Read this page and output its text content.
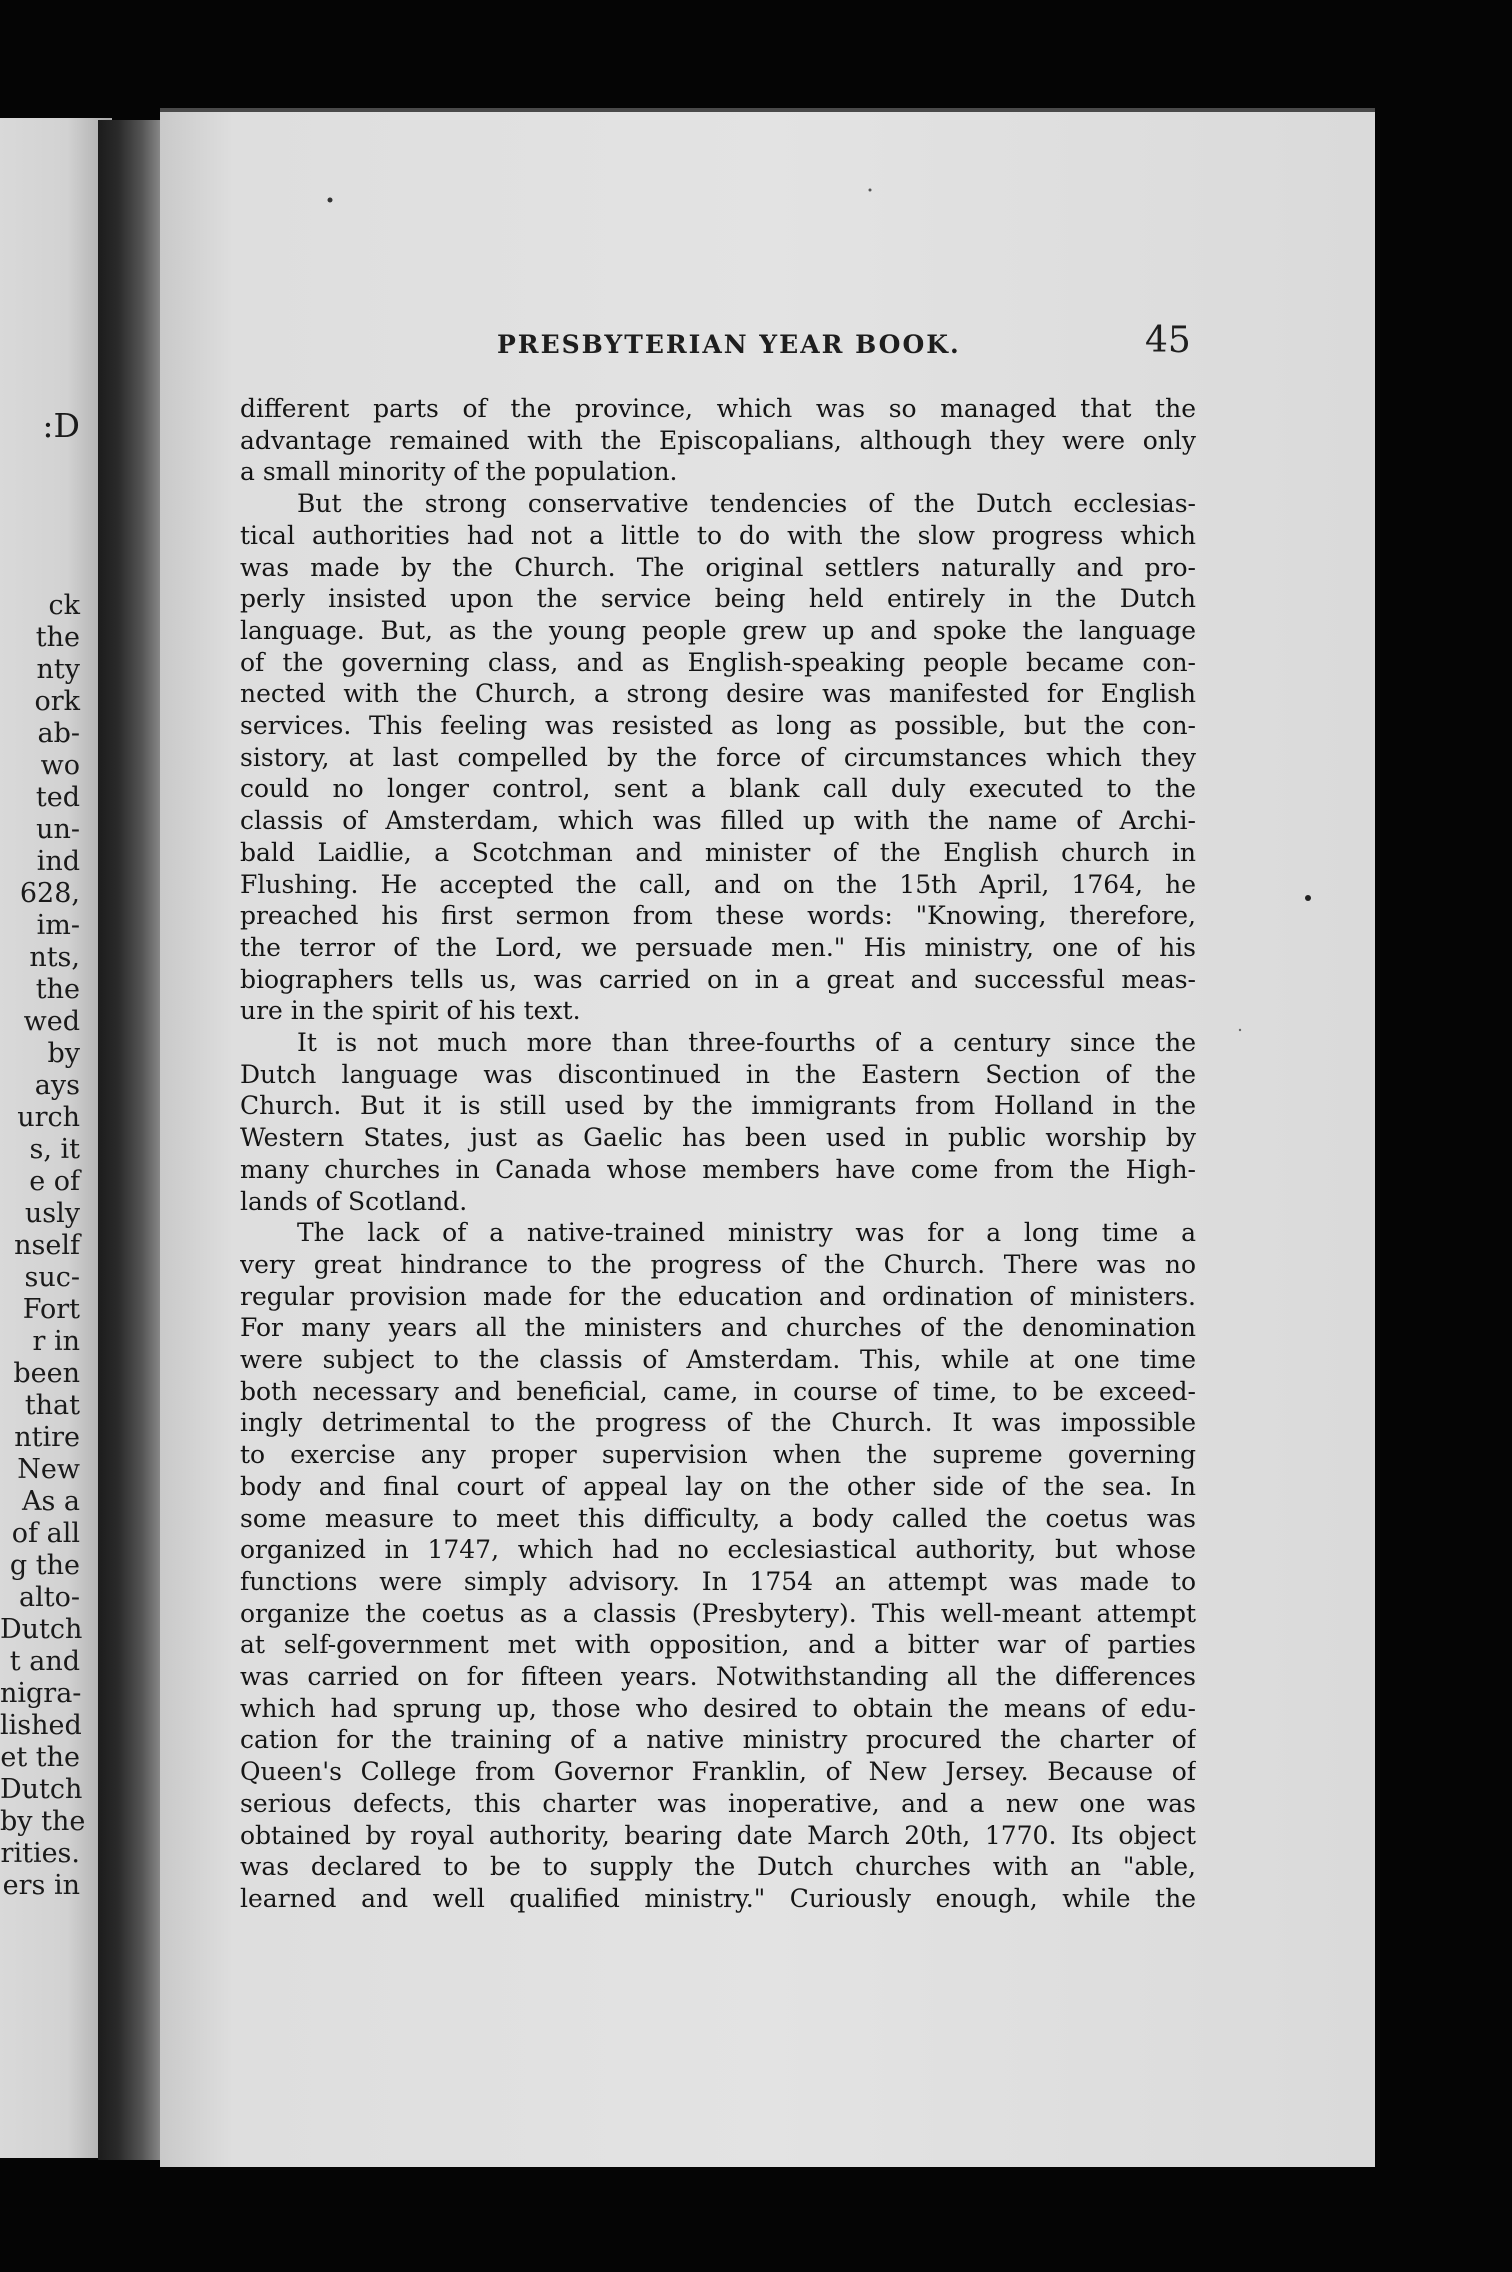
:D
ck
the
nty
ork
ab-
wo
ted
un-
ind
628,
im-
nts,
the
wed
by
ays
urch
s, it
e of
usly
nself
suc-
Fort
r in
been
that
ntire
New
As a
of all
g the
alto-
Dutch
t and
nigra-
lished
et the
Dutch
by the
rities.
ers in
PRESBYTERIAN YEAR BOOK.	45
different parts of the province, which was so managed that the
advantage remained with the Episcopalians, although they were only
a small minority of the population.
But the strong conservative tendencies of the Dutch ecclesias-
tical authorities had not a little to do with the slow progress which
was made by the Church. The original settlers naturally and pro-
perly insisted upon the service being held entirely in the Dutch
language. But, as the young people grew up and spoke the language
of the governing class, and as English-speaking people became con-
nected with the Church, a strong desire was manifested for English
services. This feeling was resisted as long as possible, but the con-
sistory, at last compelled by the force of circumstances which they
could no longer control, sent a blank call duly executed to the
classis of Amsterdam, which was filled up with the name of Archi-
bald Laidlie, a Scotchman and minister of the English church in
Flushing. He accepted the call, and on the 15th April, 1764, he
preached his first sermon from these words: "Knowing, therefore,
the terror of the Lord, we persuade men." His ministry, one of his
biographers tells us, was carried on in a great and successful meas-
ure in the spirit of his text.
It is not much more than three-fourths of a century since the
Dutch language was discontinued in the Eastern Section of the
Church. But it is still used by the immigrants from Holland in the
Western States, just as Gaelic has been used in public worship by
many churches in Canada whose members have come from the High-
lands of Scotland.
The lack of a native-trained ministry was for a long time a
very great hindrance to the progress of the Church. There was no
regular provision made for the education and ordination of ministers.
For many years all the ministers and churches of the denomination
were subject to the classis of Amsterdam. This, while at one time
both necessary and beneficial, came, in course of time, to be exceed-
ingly detrimental to the progress of the Church. It was impossible
to exercise any proper supervision when the supreme governing
body and final court of appeal lay on the other side of the sea. In
some measure to meet this difficulty, a body called the coetus was
organized in 1747, which had no ecclesiastical authority, but whose
functions were simply advisory. In 1754 an attempt was made to
organize the coetus as a classis (Presbytery). This well-meant attempt
at self-government met with opposition, and a bitter war of parties
was carried on for fifteen years. Notwithstanding all the differences
which had sprung up, those who desired to obtain the means of edu-
cation for the training of a native ministry procured the charter of
Queen's College from Governor Franklin, of New Jersey. Because of
serious defects, this charter was inoperative, and a new one was
obtained by royal authority, bearing date March 20th, 1770. Its object
was declared to be to supply the Dutch churches with an "able,
learned and well qualified ministry." Curiously enough, while the
